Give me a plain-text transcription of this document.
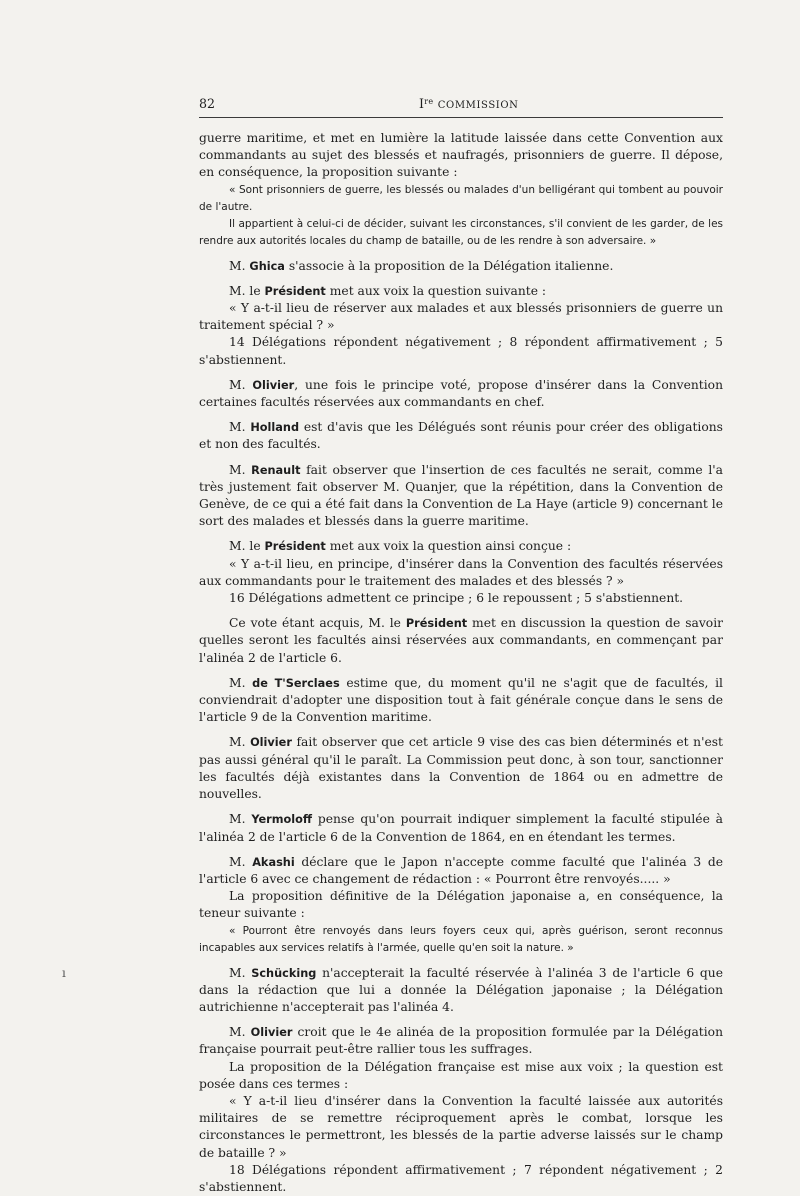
82	Ire COMMISSION

guerre maritime, et met en lumière la latitude laissée dans cette Convention aux commandants au sujet des blessés et naufragés, prisonniers de guerre. Il dépose, en conséquence, la proposition suivante :

« Sont prisonniers de guerre, les blessés ou malades d'un belligérant qui tombent au pouvoir de l'autre.

Il appartient à celui-ci de décider, suivant les circonstances, s'il convient de les garder, de les rendre aux autorités locales du champ de bataille, ou de les rendre à son adversaire. »

M. Ghica s'associe à la proposition de la Délégation italienne.

M. le Président met aux voix la question suivante :

« Y a-t-il lieu de réserver aux malades et aux blessés prisonniers de guerre un traitement spécial ? »

14 Délégations répondent négativement ; 8 répondent affirmativement ; 5 s'abstiennent.

M. Olivier, une fois le principe voté, propose d'insérer dans la Convention certaines facultés réservées aux commandants en chef.

M. Holland est d'avis que les Délégués sont réunis pour créer des obligations et non des facultés.

M. Renault fait observer que l'insertion de ces facultés ne serait, comme l'a très justement fait observer M. Quanjer, que la répétition, dans la Convention de Genève, de ce qui a été fait dans la Convention de La Haye (article 9) concernant le sort des malades et blessés dans la guerre maritime.

M. le Président met aux voix la question ainsi conçue :

« Y a-t-il lieu, en principe, d'insérer dans la Convention des facultés réservées aux commandants pour le traitement des malades et des blessés ? »

16 Délégations admettent ce principe ; 6 le repoussent ; 5 s'abstiennent.

Ce vote étant acquis, M. le Président met en discussion la question de savoir quelles seront les facultés ainsi réservées aux commandants, en commençant par l'alinéa 2 de l'article 6.

M. de T'Serclaes estime que, du moment qu'il ne s'agit que de facultés, il conviendrait d'adopter une disposition tout à fait générale conçue dans le sens de l'article 9 de la Convention maritime.

M. Olivier fait observer que cet article 9 vise des cas bien déterminés et n'est pas aussi général qu'il le paraît. La Commission peut donc, à son tour, sanctionner les facultés déjà existantes dans la Convention de 1864 ou en admettre de nouvelles.

M. Yermoloff pense qu'on pourrait indiquer simplement la faculté stipulée à l'alinéa 2 de l'article 6 de la Convention de 1864, en en étendant les termes.

M. Akashi déclare que le Japon n'accepte comme faculté que l'alinéa 3 de l'article 6 avec ce changement de rédaction : « Pourront être renvoyés..... »

La proposition définitive de la Délégation japonaise a, en conséquence, la teneur suivante :

« Pourront être renvoyés dans leurs foyers ceux qui, après guérison, seront reconnus incapables aux services relatifs à l'armée, quelle qu'en soit la nature. »

M. Schücking n'accepterait la faculté réservée à l'alinéa 3 de l'article 6 que dans la rédaction que lui a donnée la Délégation japonaise ; la Délégation autrichienne n'accepterait pas l'alinéa 4.

M. Olivier croit que le 4e alinéa de la proposition formulée par la Délégation française pourrait peut-être rallier tous les suffrages.

La proposition de la Délégation française est mise aux voix ; la question est posée dans ces termes :

« Y a-t-il lieu d'insérer dans la Convention la faculté laissée aux autorités militaires de se remettre réciproquement après le combat, lorsque les circonstances le permettront, les blessés de la partie adverse laissés sur le champ de bataille ? »

18 Délégations répondent affirmativement ; 7 répondent négativement ; 2 s'abstiennent.

ı
